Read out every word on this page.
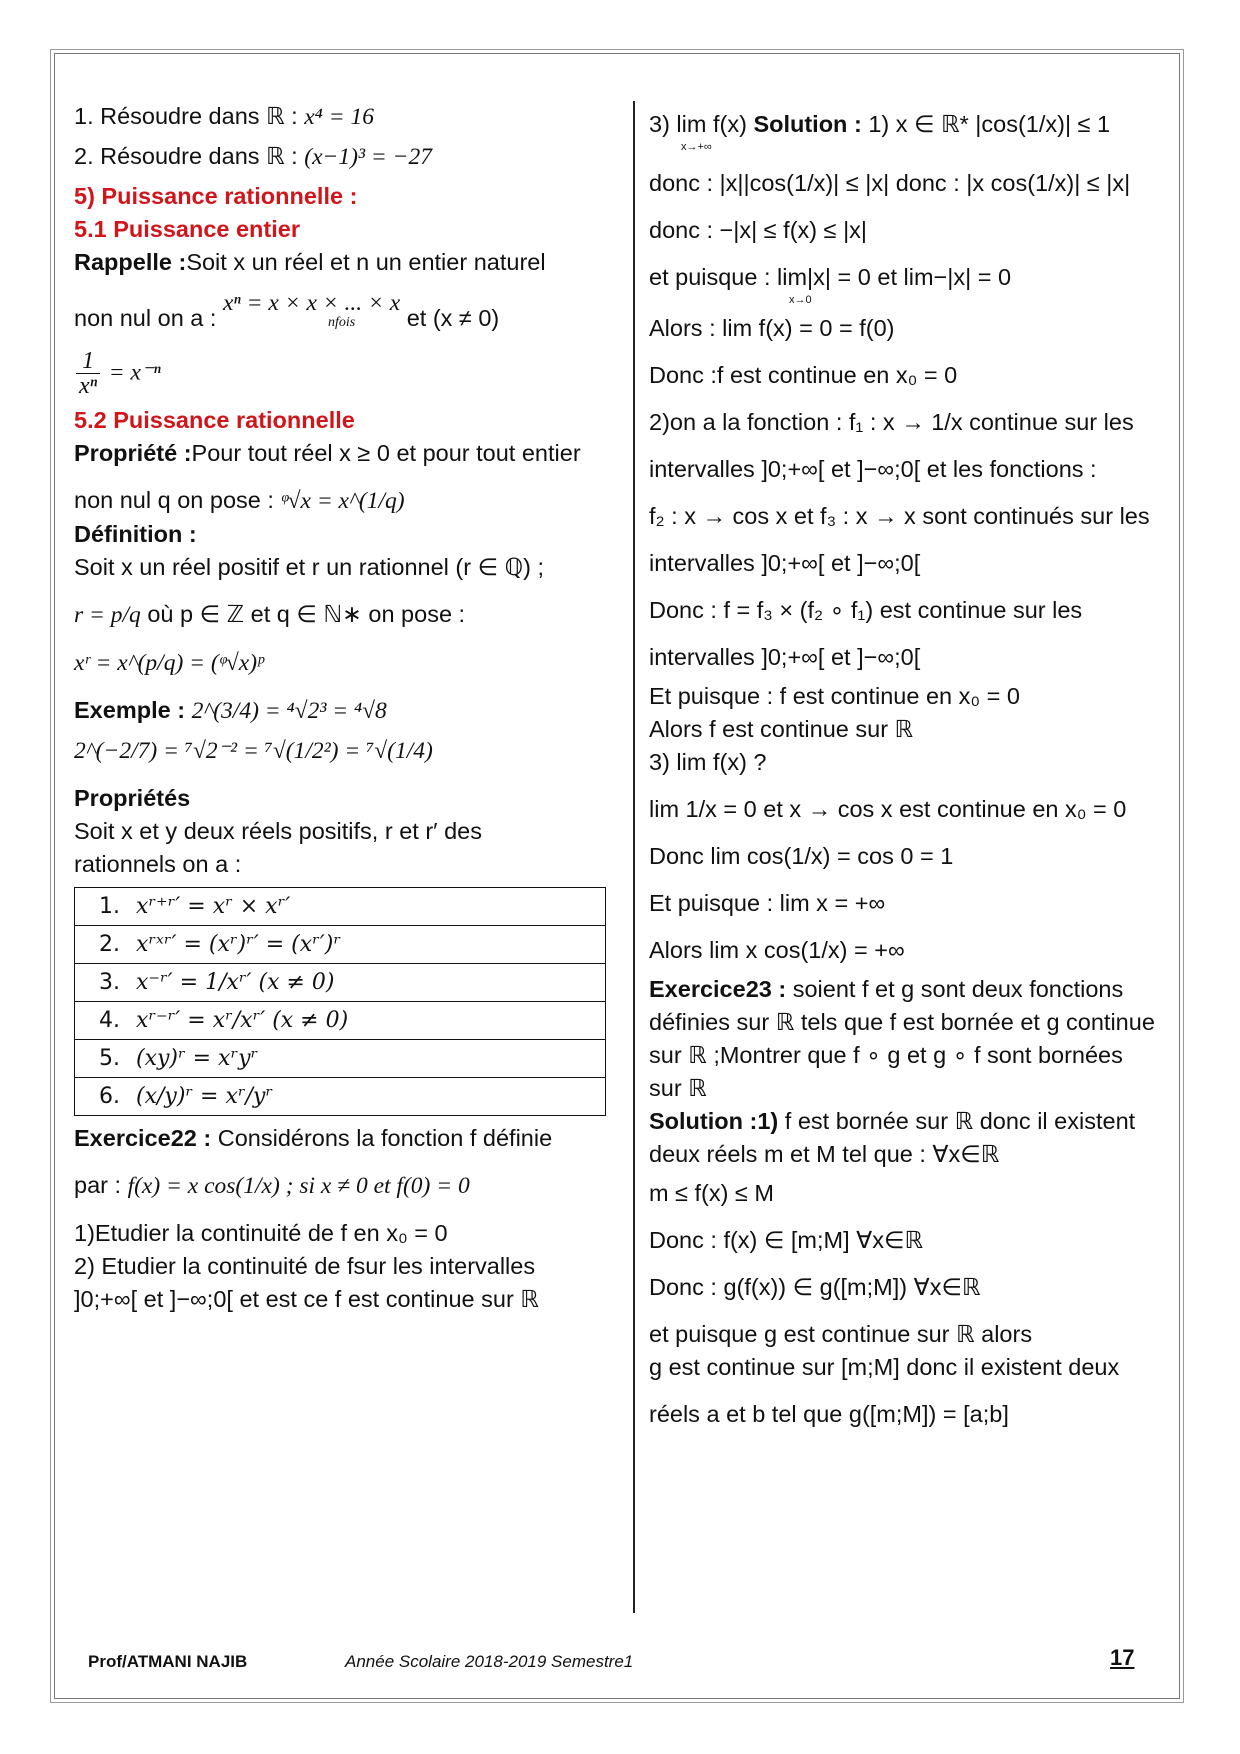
1. Résoudre dans ℝ : x⁴ = 16
2. Résoudre dans ℝ : (x−1)³ = −27
5) Puissance rationnelle :
5.1 Puissance entier
Rappelle :Soit x un réel et n un entier naturel
non nul on a : xⁿ = x × x × ... × x
nfois	et (x ≠ 0)
$\frac{1}{\text{xⁿ}} = x^{-n}$
5.2 Puissance rationnelle
Propriété :Pour tout réel x ≥ 0 et pour tout entier
non nul q on pose : ᵠ√x = x^(1/q)
Définition :
Soit x un réel positif et r un rationnel (r ∈ ℚ) ;
r = p/q où p ∈ ℤ et q ∈ ℕ∗ on pose :
xʳ = x^(p/q) = (ᵠ√x)ᵖ
Exemple : 2^(3/4) = ⁴√2³ = ⁴√8
2^(−2/7) = ⁷√2⁻² = ⁷√(1/2²) = ⁷√(1/4)
Propriétés
Soit x et y deux réels positifs, r et r′ des
rationnels on a :
1. xʳ⁺ʳ′ = xʳ × xʳ′
2. xʳˣʳ′ = (xʳ)ʳ′ = (xʳ′)ʳ
3. x⁻ʳ′ = 1/xʳ′ (x ≠ 0)
4. xʳ⁻ʳ′ = xʳ/xʳ′ (x ≠ 0)
5. (xy)ʳ = xʳyʳ
6. (x/y)ʳ = xʳ/yʳ
Exercice22 : Considérons la fonction f définie
par : f(x) = x cos(1/x) ; si x ≠ 0 et f(0) = 0
1)Etudier la continuité de f en x₀ = 0
2) Etudier la continuité de fsur les intervalles
]0;+∞[ et ]−∞;0[ et est ce f est continue sur ℝ
3) lim f(x) Solution : 1) x ∈ ℝ* |cos(1/x)| ≤ 1
x→+∞
donc : |x||cos(1/x)| ≤ |x| donc : |x cos(1/x)| ≤ |x|
donc : −|x| ≤ f(x) ≤ |x|
et puisque : lim|x| = 0 et lim−|x| = 0
x→0
Alors : lim f(x) = 0 = f(0)
Donc :f est continue en x₀ = 0
2)on a la fonction : f₁ : x → 1/x continue sur les
intervalles ]0;+∞[ et ]−∞;0[ et les fonctions :
f₂ : x → cos x et f₃ : x → x sont continués sur les
intervalles ]0;+∞[ et ]−∞;0[
Donc : f = f₃ × (f₂ ∘ f₁) est continue sur les
intervalles ]0;+∞[ et ]−∞;0[
Et puisque : f est continue en x₀ = 0
Alors f est continue sur ℝ
3) lim f(x) ?
lim 1/x = 0 et x → cos x est continue en x₀ = 0
Donc lim cos(1/x) = cos 0 = 1
Et puisque : lim x = +∞
Alors lim x cos(1/x) = +∞
Exercice23 : soient f et g sont deux fonctions
définies sur ℝ tels que f est bornée et g continue
sur ℝ ;Montrer que f ∘ g et g ∘ f sont bornées
sur ℝ
Solution :1) f est bornée sur ℝ donc il existent
deux réels m et M tel que : ∀x∈ℝ
m ≤ f(x) ≤ M
Donc : f(x) ∈ [m;M] ∀x∈ℝ
Donc : g(f(x)) ∈ g([m;M]) ∀x∈ℝ
et puisque g est continue sur ℝ alors
g est continue sur [m;M] donc il existent deux
réels a et b tel que g([m;M]) = [a;b]
Prof/ATMANI NAJIB	Année Scolaire 2018-2019 Semestre1	17
